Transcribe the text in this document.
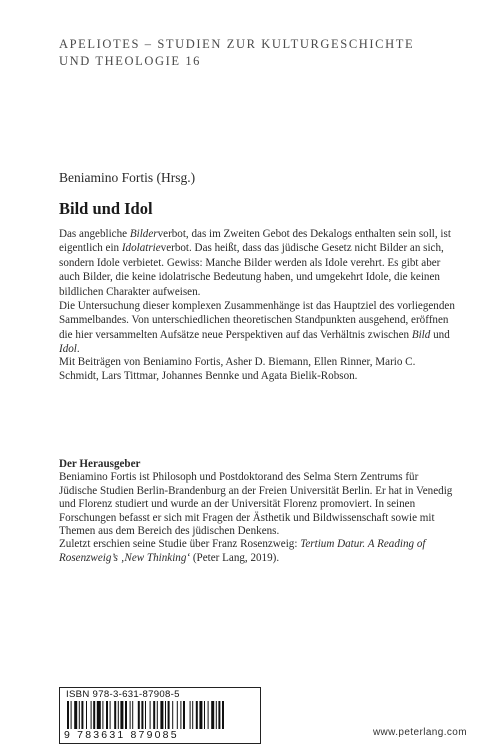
APELIOTES – STUDIEN ZUR KULTURGESCHICHTE
UND THEOLOGIE 16
Beniamino Fortis (Hrsg.)
Bild und Idol

Das angebliche Bilderverbot, das im Zweiten Gebot des Dekalogs enthalten sein soll, ist eigentlich ein Idolatrieverbot. Das heißt, dass das jüdische Gesetz nicht Bilder an sich, sondern Idole verbietet. Gewiss: Manche Bilder werden als Idole verehrt. Es gibt aber auch Bilder, die keine idolatrische Bedeutung haben, und umgekehrt Idole, die keinen bildlichen Charakter aufweisen.

Die Untersuchung dieser komplexen Zusammenhänge ist das Hauptziel des vorliegenden Sammelbandes. Von unterschiedlichen theoretischen Standpunkten ausgehend, eröffnen die hier versammelten Aufsätze neue Perspektiven auf das Verhältnis zwischen Bild und Idol.

Mit Beiträgen von Beniamino Fortis, Asher D. Biemann, Ellen Rinner, Mario C. Schmidt, Lars Tittmar, Johannes Bennke und Agata Bielik-Robson.

Der Herausgeber

Beniamino Fortis ist Philosoph und Postdoktorand des Selma Stern Zentrums für Jüdische Studien Berlin-Brandenburg an der Freien Universität Berlin. Er hat in Venedig und Florenz studiert und wurde an der Universität Florenz promoviert. In seinen Forschungen befasst er sich mit Fragen der Ästhetik und Bildwissenschaft sowie mit Themen aus dem Bereich des jüdischen Denkens.

Zuletzt erschien seine Studie über Franz Rosenzweig: Tertium Datur. A Reading of Rosenzweig’s ‚New Thinking‘ (Peter Lang, 2019).

ISBN 978-3-631-87908-5
9 783631 879085	www.peterlang.com
